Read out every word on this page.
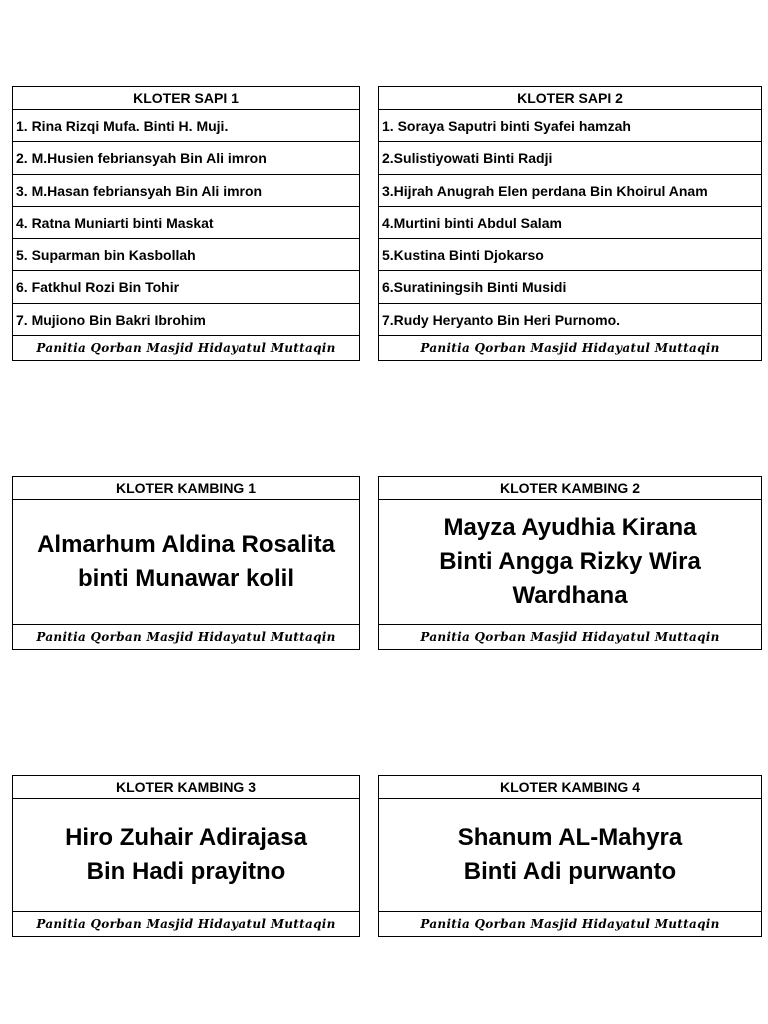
KLOTER SAPI 1
1. Rina Rizqi Mufa. Binti H. Muji.
2. M.Husien febriansyah Bin Ali imron
3. M.Hasan febriansyah Bin Ali imron
4. Ratna Muniarti binti Maskat
5. Suparman bin Kasbollah
6. Fatkhul Rozi Bin Tohir
7. Mujiono Bin Bakri Ibrohim
Panitia Qorban Masjid Hidayatul Muttaqin
KLOTER SAPI 2
1. Soraya Saputri binti Syafei hamzah
2.Sulistiyowati Binti Radji
3.Hijrah Anugrah Elen perdana Bin Khoirul Anam
4.Murtini binti Abdul Salam
5.Kustina Binti Djokarso
6.Suratiningsih Binti Musidi
7.Rudy Heryanto Bin Heri Purnomo.
Panitia Qorban Masjid Hidayatul Muttaqin
KLOTER KAMBING 1
Almarhum Aldina Rosalita
binti Munawar kolil
Panitia Qorban Masjid Hidayatul Muttaqin
KLOTER KAMBING 2
Mayza Ayudhia Kirana
Binti Angga Rizky Wira
Wardhana
Panitia Qorban Masjid Hidayatul Muttaqin
KLOTER KAMBING 3
Hiro Zuhair Adirajasa
Bin Hadi prayitno
Panitia Qorban Masjid Hidayatul Muttaqin
KLOTER KAMBING 4
Shanum AL-Mahyra
Binti Adi purwanto
Panitia Qorban Masjid Hidayatul Muttaqin
